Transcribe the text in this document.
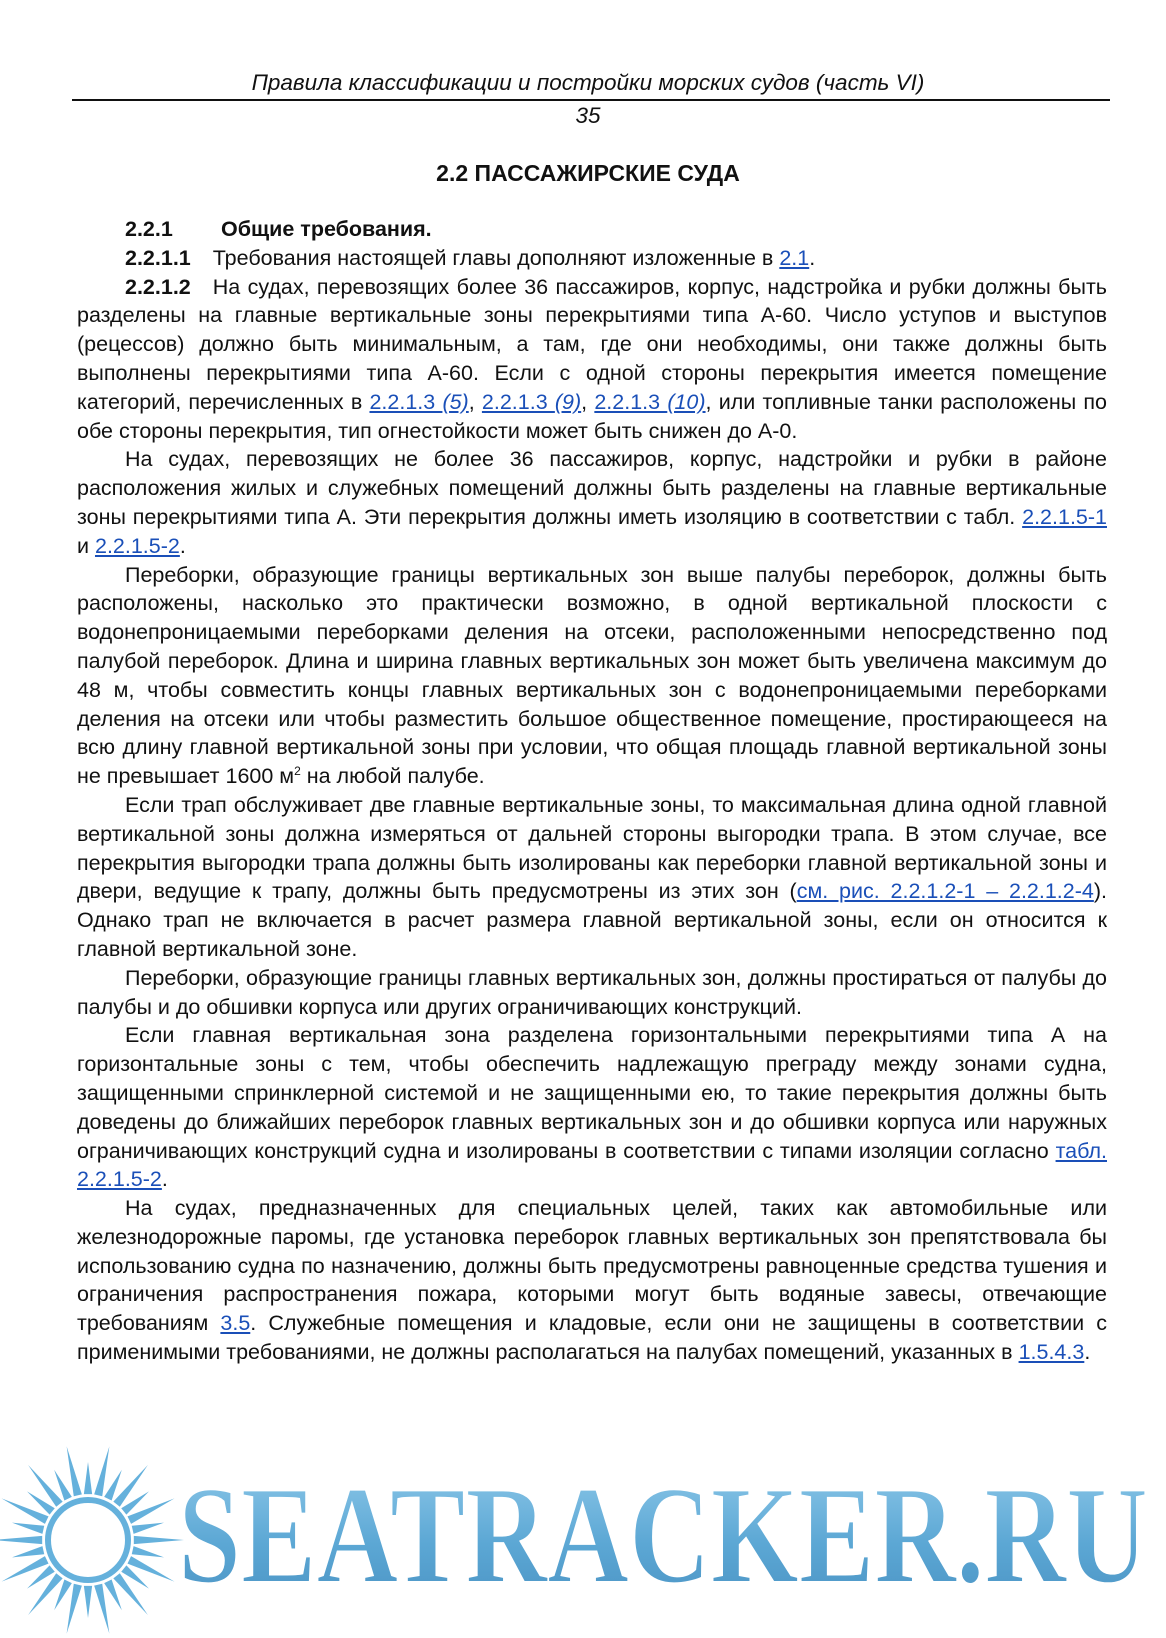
Правила классификации и постройки морских судов (часть VI)
35
2.2 ПАССАЖИРСКИЕ СУДА

2.2.1 Общие требования.

2.2.1.1 Требования настоящей главы дополняют изложенные в 2.1.

2.2.1.2 На судах, перевозящих более 36 пассажиров, корпус, надстройка и рубки должны быть разделены на главные вертикальные зоны перекрытиями типа А-60. Число уступов и выступов (рецессов) должно быть минимальным, а там, где они необходимы, они также должны быть выполнены перекрытиями типа А-60. Если с одной стороны перекрытия имеется помещение категорий, перечисленных в 2.2.1.3 (5), 2.2.1.3 (9), 2.2.1.3 (10), или топливные танки расположены по обе стороны перекрытия, тип огнестойкости может быть снижен до А-0.

На судах, перевозящих не более 36 пассажиров, корпус, надстройки и рубки в районе расположения жилых и служебных помещений должны быть разделены на главные вертикальные зоны перекрытиями типа А. Эти перекрытия должны иметь изоляцию в соответствии с табл. 2.2.1.5-1 и 2.2.1.5-2.

Переборки, образующие границы вертикальных зон выше палубы переборок, должны быть расположены, насколько это практически возможно, в одной вертикальной плоскости с водонепроницаемыми переборками деления на отсеки, расположенными непосредственно под палубой переборок. Длина и ширина главных вертикальных зон может быть увеличена максимум до 48 м, чтобы совместить концы главных вертикальных зон с водонепроницаемыми переборками деления на отсеки или чтобы разместить большое общественное помещение, простирающееся на всю длину главной вертикальной зоны при условии, что общая площадь главной вертикальной зоны не превышает 1600 $м^2$ на любой палубе.

Если трап обслуживает две главные вертикальные зоны, то максимальная длина одной главной вертикальной зоны должна измеряться от дальней стороны выгородки трапа. В этом случае, все перекрытия выгородки трапа должны быть изолированы как переборки главной вертикальной зоны и двери, ведущие к трапу, должны быть предусмотрены из этих зон (см. рис. 2.2.1.2-1 – 2.2.1.2-4). Однако трап не включается в расчет размера главной вертикальной зоны, если он относится к главной вертикальной зоне.

Переборки, образующие границы главных вертикальных зон, должны простираться от палубы до палубы и до обшивки корпуса или других ограничивающих конструкций.

Если главная вертикальная зона разделена горизонтальными перекрытиями типа А на горизонтальные зоны с тем, чтобы обеспечить надлежащую преграду между зонами судна, защищенными спринклерной системой и не защищенными ею, то такие перекрытия должны быть доведены до ближайших переборок главных вертикальных зон и до обшивки корпуса или наружных ограничивающих конструкций судна и изолированы в соответствии с типами изоляции согласно табл. 2.2.1.5-2.

На судах, предназначенных для специальных целей, таких как автомобильные или железнодорожные паромы, где установка переборок главных вертикальных зон препятствовала бы использованию судна по назначению, должны быть предусмотрены равноценные средства тушения и ограничения распространения пожара, которыми могут быть водяные завесы, отвечающие требованиям 3.5. Служебные помещения и кладовые, если они не защищены в соответствии с применимыми требованиями, не должны располагаться на палубах помещений, указанных в 1.5.4.3.

SEATRACKER.RU
